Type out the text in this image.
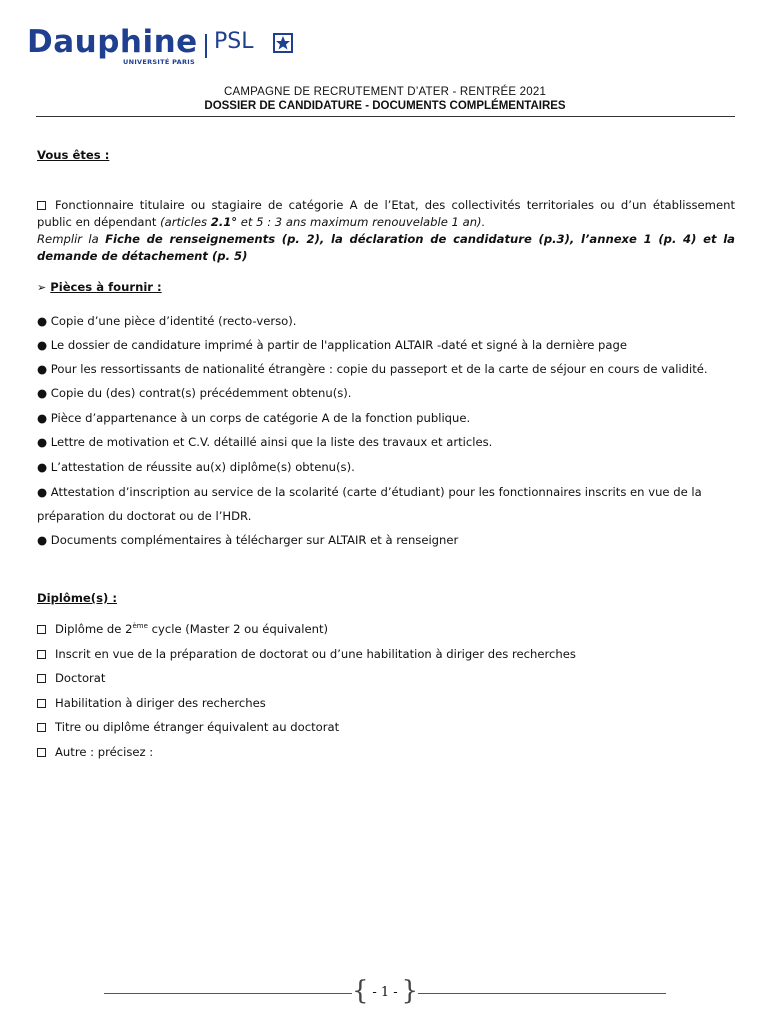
Dauphine
UNIVERSITÉ PARIS
PSL
CAMPAGNE DE RECRUTEMENT D’ATER - RENTRÉE 2021
DOSSIER DE CANDIDATURE - DOCUMENTS COMPLÉMENTAIRES
Vous êtes :
Fonctionnaire titulaire ou stagiaire de catégorie A de l’Etat, des collectivités territoriales ou d’un établissement public en dépendant (articles 2.1° et 5 : 3 ans maximum renouvelable 1 an).
Remplir la Fiche de renseignements (p. 2), la déclaration de candidature (p.3), l’annexe 1 (p. 4) et la demande de détachement (p. 5)
➢ Pièces à fournir :
● Copie d’une pièce d’identité (recto-verso).
● Le dossier de candidature imprimé à partir de l'application ALTAIR -daté et signé à la dernière page
● Pour les ressortissants de nationalité étrangère : copie du passeport et de la carte de séjour en cours de validité.
● Copie du (des) contrat(s) précédemment obtenu(s).
● Pièce d’appartenance à un corps de catégorie A de la fonction publique.
● Lettre de motivation et C.V. détaillé ainsi que la liste des travaux et articles.
● L’attestation de réussite au(x) diplôme(s) obtenu(s).
● Attestation d’inscription au service de la scolarité (carte d’étudiant) pour les fonctionnaires inscrits en vue de la
préparation du doctorat ou de l’HDR.
● Documents complémentaires à télécharger sur ALTAIR et à renseigner
Diplôme(s) :
Diplôme de 2ème cycle (Master 2 ou équivalent)
Inscrit en vue de la préparation de doctorat ou d’une habilitation à diriger des recherches
Doctorat
Habilitation à diriger des recherches
Titre ou diplôme étranger équivalent au doctorat
Autre : précisez :
{ - 1 - }
